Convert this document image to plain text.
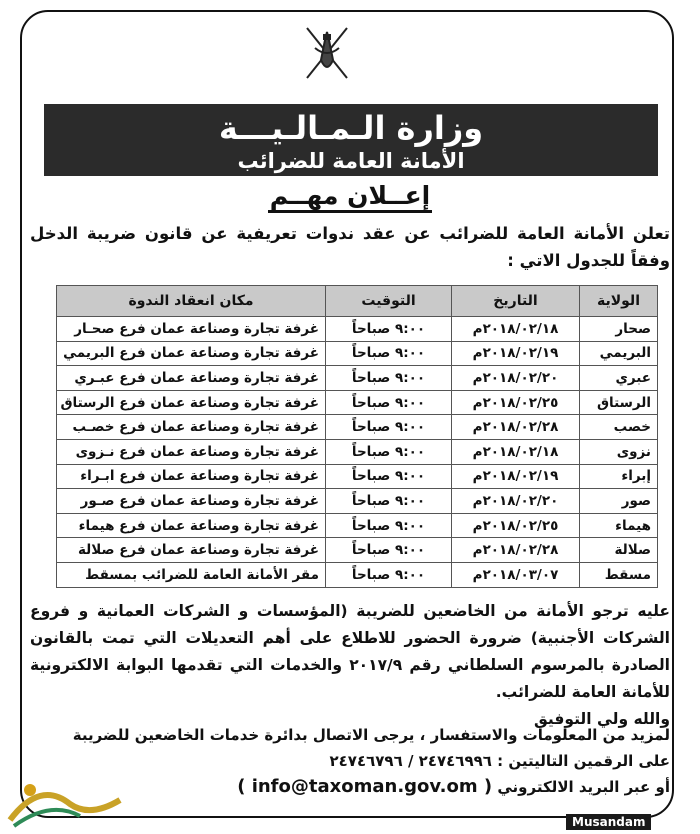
وزارة الـمـالـيـــة
الأمانة العامة للضرائب
إعــلان مهــم
تعلن الأمانة العامة للضرائب عن عقد ندوات تعريفية عن قانون ضريبة الدخل وفقاً للجدول الاتي :
الولاية	التاريخ	التوقيت	مكان انعقاد الندوة
صحار	٢٠١٨/٠٢/١٨م	٩:٠٠ صباحاً	غرفة تجارة وصناعة عمان فرع صحـار
البريمي	٢٠١٨/٠٢/١٩م	٩:٠٠ صباحاً	غرفة تجارة وصناعة عمان فرع البريمي
عبري	٢٠١٨/٠٢/٢٠م	٩:٠٠ صباحاً	غرفة تجارة وصناعة عمان فرع عبـري
الرستاق	٢٠١٨/٠٢/٢٥م	٩:٠٠ صباحاً	غرفة تجارة وصناعة عمان فرع الرستاق
خصب	٢٠١٨/٠٢/٢٨م	٩:٠٠ صباحاً	غرفة تجارة وصناعة عمان فرع خصـب
نزوى	٢٠١٨/٠٢/١٨م	٩:٠٠ صباحاً	غرفة تجارة وصناعة عمان فرع نـزوى
إبراء	٢٠١٨/٠٢/١٩م	٩:٠٠ صباحاً	غرفة تجارة وصناعة عمان فرع ابـراء
صور	٢٠١٨/٠٢/٢٠م	٩:٠٠ صباحاً	غرفة تجارة وصناعة عمان فرع صـور
هيماء	٢٠١٨/٠٢/٢٥م	٩:٠٠ صباحاً	غرفة تجارة وصناعة عمان فرع هيماء
صلالة	٢٠١٨/٠٢/٢٨م	٩:٠٠ صباحاً	غرفة تجارة وصناعة عمان فرع صلالة
مسقط	٢٠١٨/٠٣/٠٧م	٩:٠٠ صباحاً	مقر الأمانة العامة للضرائب بمسقط

عليه ترجو الأمانة من الخاضعين للضريبة (المؤسسات و الشركات العمانية و فروع الشركات الأجنبية) ضرورة الحضور للاطلاع على أهم التعديلات التي تمت بالقانون الصادرة بالمرسوم السلطاني رقم ٢٠١٧/٩ والخدمات التي تقدمها البوابة الالكترونية للأمانة العامة للضرائب.

والله ولي التوفيق

لمزيد من المعلومات والاستفسار ، يرجى الاتصال بدائرة خدمات الخاضعين للضريبة

على الرقمين التاليتين : ٢٤٧٤٦٩٩٦ / ٢٤٧٤٦٧٩٦

أو عبر البريد الالكتروني ( info@taxoman.gov.om )

Musandam
